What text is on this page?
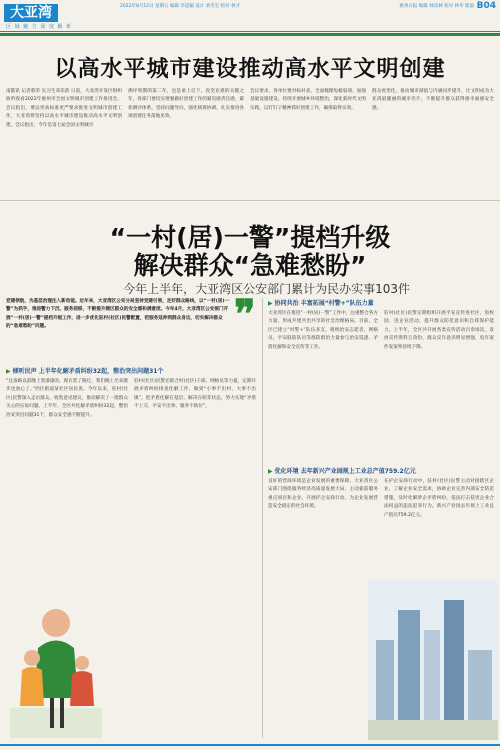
大亚湾
区 域 魅 力 深 度 解 析
2022年8月12日 星期五 编辑 李思颖 设计 刘冬生 校对 林才	惠州日报 编辑 林泽林 校对 林华 版面 B04
以高水平城市建设推动高水平文明创建
南都讯 记者蔡荣 实习生邓乐韵 日前，大亚湾开发区组织收听收看2022年惠州市全国文明城市创建工作推进会，会议指出，要以更高标准更严要求推进文明城市创建工作，大亚湾将坚持以高水平城市建设推动高水平文明创建。会议指出，今年是第七届全国文明城市
测评周期的第二年，也是承上启下，攻坚克难的关键之年，各部门要切实增强做好创建工作的紧迫感责任感，紧扣测评体系，坚持问题导向，强化统筹协调，扎实推进各项创建任务落地见效。
会议要求，各单位要对标对表，全面梳理短板弱项，加强基础设施建设，持续开展城乡环境整治，深化新时代文明实践，以钉钉子精神抓好创建工作，确保取得实效。
群众看变化，推动城市颜值与内涵同步提升，让文明成为大亚湾最靓丽的城市名片，不断提升群众获得感幸福感安全感。
“一村(居)一警”提档升级
解决群众“急难愁盼”
今年上半年，大亚湾区公安部门累计为民办实事103件
党建领航，为基层治理注入新动能。近年来，大亚湾区公安分局坚持党建引领，走好群众路线，以“一村(居)一警”为抓手，推进警力下沉、服务前移，不断提升辖区群众的安全感和满意度。今年4月，大亚湾区公安部门开展“一村(居)一警”提档升级工作，进一步优化驻村(社区)民警配置，把服务延伸到群众身边，切实解决群众的“急难愁盼”问题。	❞
▶ 倾听民声 上半年化解矛盾纠纷32起，整治突出问题31个
“这条路以前晚上黑漆漆的，现在装了路灯，我们晚上出来散步也放心了。”西区街道某社区居民说。今年以来，驻村(社区)民警深入走访群众，收集意见建议，推动解决了一批群众关心的实际问题。上半年，全区共化解矛盾纠纷32起，整治治安突出问题31个，群众安全感不断提升。
驻村(社区)民警还联合村(社区)干部、网格员等力量，定期开展矛盾纠纷排查化解工作，做到“小事不出村、大事不出镇”，把矛盾化解在基层、解决在萌芽状态，努力实现“矛盾不上交、平安不出事、服务不缺位”。
▶ 协同共治 丰富拓展“村警+”队伍力量
大亚湾区在推进“一村(居)一警”工作中，注重整合各方力量，形成共建共治共享的社会治理格局。目前，全区已建立“村警+”队伍多支，吸纳治安志愿者、网格员、平安联防队员等群防群治力量参与治安巡逻、矛盾化解和安全宣传等工作。
驻村(社区)民警定期组织开展平安宣传进社区、进校园、进企业活动，提升群众防范意识和自我保护能力。上半年，全区共开展各类宣传活动百余场次，发放宣传资料万余份，群众反诈意识明显增强，电诈案件发案率持续下降。
▶ 优化环境 去年新兴产业园规上工业总产值759.2亿元
良好的营商环境是企业发展的重要保障。大亚湾区公安部门围绕服务经济高质量发展大局，主动靠前服务重点项目和企业，开展护企安商行动，为企业发展营造安全稳定的社会环境。
在护企安商行动中，驻村(社区)民警主动对接辖区企业，了解企业安全需求，协助企业完善内部安全防范措施，及时化解涉企矛盾纠纷，依法打击侵害企业合法权益的违法犯罪行为。新兴产业园去年规上工业总产值达759.2亿元。
